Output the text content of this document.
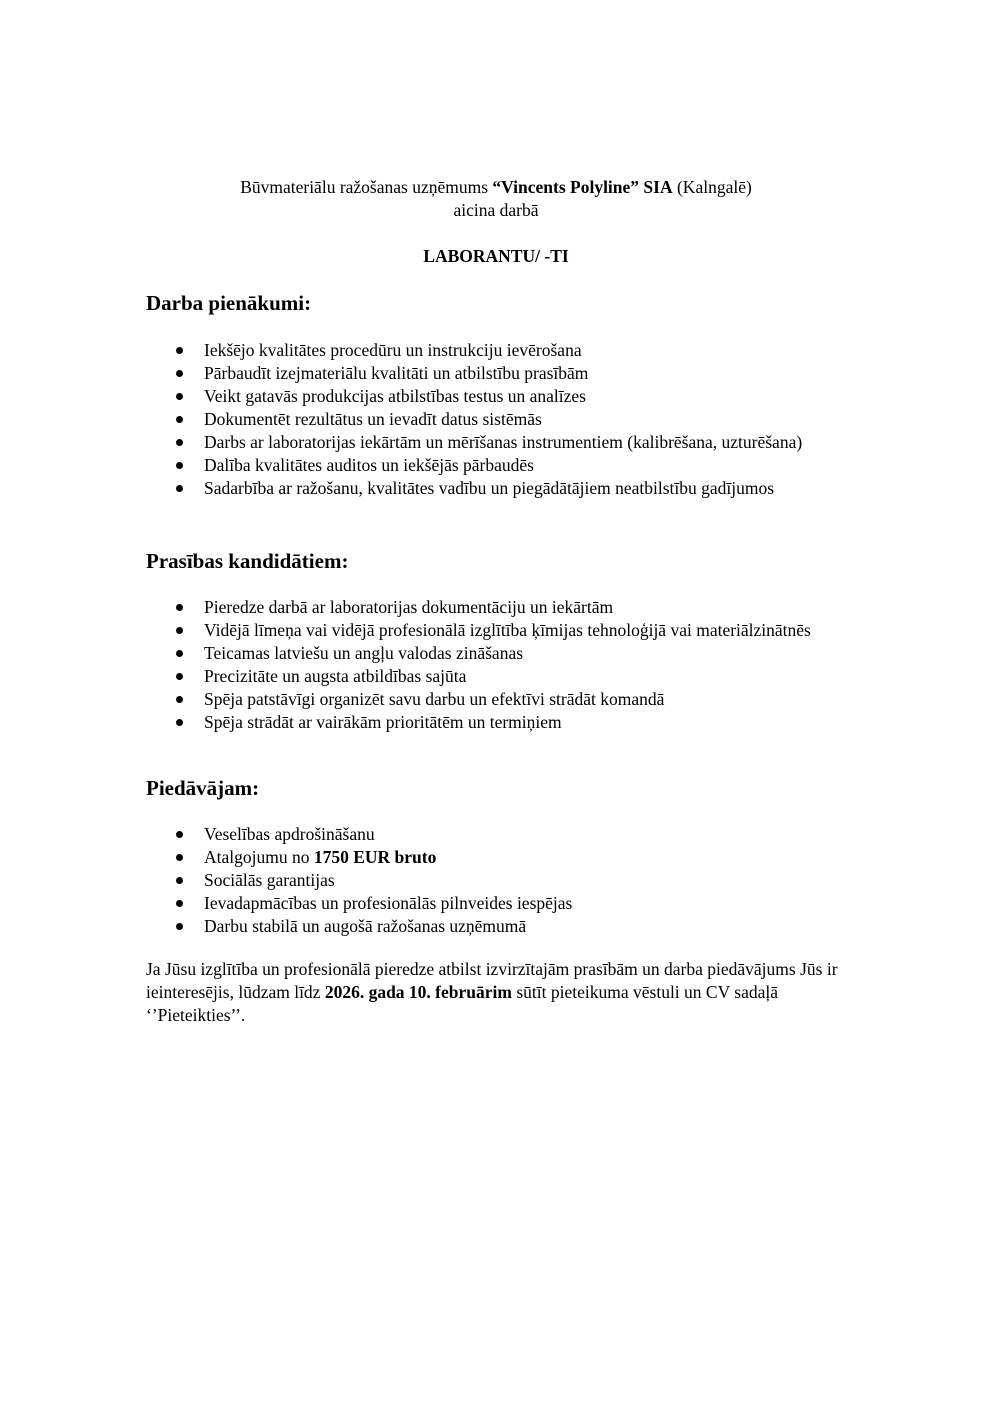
Būvmateriālu ražošanas uzņēmums “Vincents Polyline” SIA (Kalngalē)
aicina darbā
LABORANTU/ -TI
Darba pienākumi:
Iekšējo kvalitātes procedūru un instrukciju ievērošana
Pārbaudīt izejmateriālu kvalitāti un atbilstību prasībām
Veikt gatavās produkcijas atbilstības testus un analīzes
Dokumentēt rezultātus un ievadīt datus sistēmās
Darbs ar laboratorijas iekārtām un mērīšanas instrumentiem (kalibrēšana, uzturēšana)
Dalība kvalitātes auditos un iekšējās pārbaudēs
Sadarbība ar ražošanu, kvalitātes vadību un piegādātājiem neatbilstību gadījumos
Prasības kandidātiem:
Pieredze darbā ar laboratorijas dokumentāciju un iekārtām
Vidējā līmeņa vai vidējā profesionālā izglītība ķīmijas tehnoloģijā vai materiālzinātnēs
Teicamas latviešu un angļu valodas zināšanas
Precizitāte un augsta atbildības sajūta
Spēja patstāvīgi organizēt savu darbu un efektīvi strādāt komandā
Spēja strādāt ar vairākām prioritātēm un termiņiem
Piedāvājam:
Veselības apdrošināšanu
Atalgojumu no 1750 EUR bruto
Sociālās garantijas
Ievadapmācības un profesionālās pilnveides iespējas
Darbu stabilā un augošā ražošanas uzņēmumā

Ja Jūsu izglītība un profesionālā pieredze atbilst izvirzītajām prasībām un darba piedāvājums Jūs ir ieinteresējis, lūdzam līdz 2026. gada 10. februārim sūtīt pieteikuma vēstuli un CV sadaļā ‘’Pieteikties’’.
